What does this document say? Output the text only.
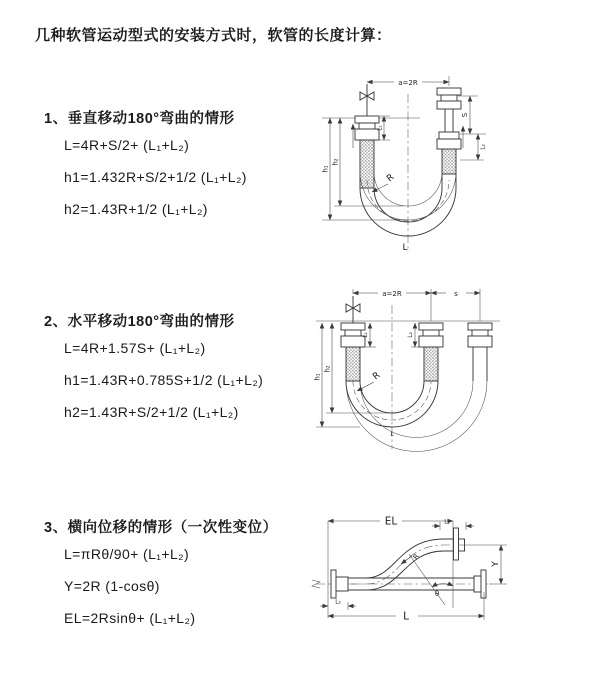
几种软管运动型式的安装方式时，软管的长度计算：
1、垂直移动180°弯曲的情形
L=4R+S/2+ (L₁+L₂)
h1=1.432R+S/2+1/2 (L₁+L₂)
h2=1.43R+1/2 (L₁+L₂)
a=2R
h₁
h₂
L₁
S
L₂
R
L
2、水平移动180°弯曲的情形
L=4R+1.57S+ (L₁+L₂)
h1=1.43R+0.785S+1/2 (L₁+L₂)
h2=1.43R+S/2+1/2 (L₁+L₂)
a=2R	s
h₁
h₂
L₁	L₂
R
L
3、横向位移的情形（一次性变位）
L=πRθ/90+ (L₁+L₂)
Y=2R (1-cosθ)
EL=2Rsinθ+ (L₁+L₂)
θ
R
EL	L₁
Y
L₂
L
